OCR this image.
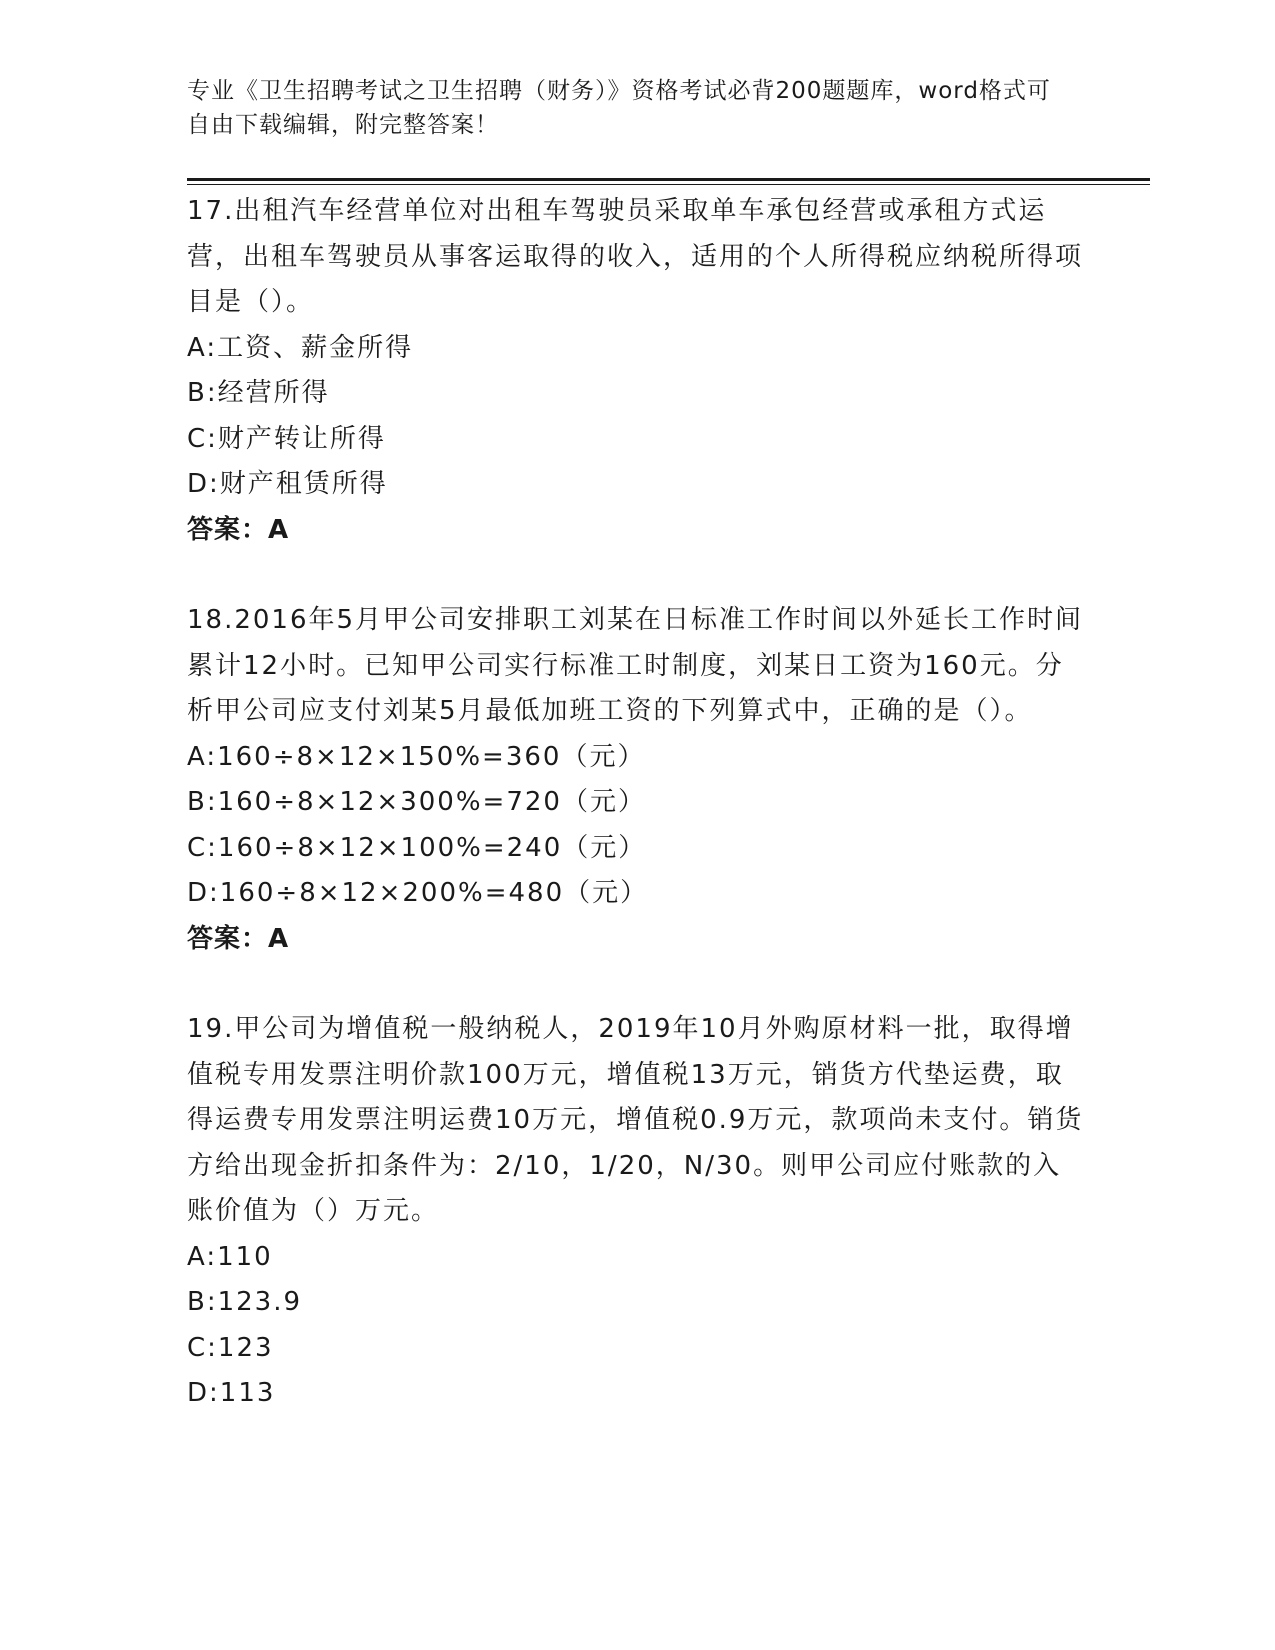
专业《卫生招聘考试之卫生招聘（财务）》资格考试必背200题题库，word格式可自由下载编辑，附完整答案！
17.出租汽车经营单位对出租车驾驶员采取单车承包经营或承租方式运营，出租车驾驶员从事客运取得的收入，适用的个人所得税应纳税所得项目是（）。
A:工资、薪金所得
B:经营所得
C:财产转让所得
D:财产租赁所得
答案：A
18.2016年5月甲公司安排职工刘某在日标准工作时间以外延长工作时间累计12小时。已知甲公司实行标准工时制度，刘某日工资为160元。分析甲公司应支付刘某5月最低加班工资的下列算式中，正确的是（）。
A:160÷8×12×150%=360（元）
B:160÷8×12×300%=720（元）
C:160÷8×12×100%=240（元）
D:160÷8×12×200%=480（元）
答案：A
19.甲公司为增值税一般纳税人，2019年10月外购原材料一批，取得增值税专用发票注明价款100万元，增值税13万元，销货方代垫运费，取得运费专用发票注明运费10万元，增值税0.9万元，款项尚未支付。销货方给出现金折扣条件为：2/10，1/20，N/30。则甲公司应付账款的入账价值为（）万元。
A:110
B:123.9
C:123
D:113
